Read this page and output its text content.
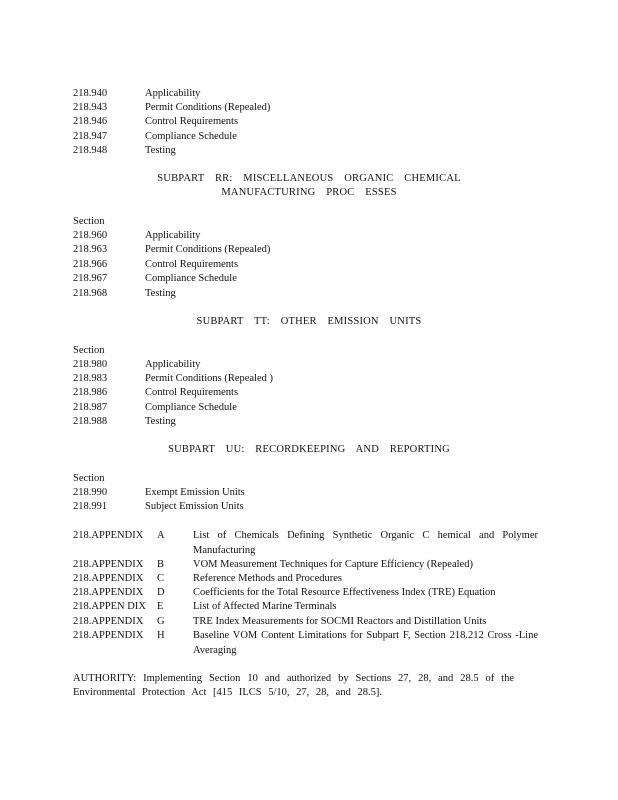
218.940	Applicability
218.943	Permit Conditions (Repealed)
218.946	Control Requirements
218.947	Compliance Schedule
218.948	Testing
SUBPART RR: MISCELLANEOUS ORGANIC CHEMICAL
MANUFACTURING PROC ESSES
Section
218.960	Applicability
218.963	Permit Conditions (Repealed)
218.966	Control Requirements
218.967	Compliance Schedule
218.968	Testing
SUBPART TT: OTHER EMISSION UNITS
Section
218.980	Applicability
218.983	Permit Conditions (Repealed )
218.986	Control Requirements
218.987	Compliance Schedule
218.988	Testing
SUBPART UU: RECORDKEEPING AND REPORTING
Section
218.990	Exempt Emission Units
218.991	Subject Emission Units
218.APPENDIX A	List of Chemicals Defining Synthetic Organic C hemical and Polymer Manufacturing
218.APPENDIX B	VOM Measurement Techniques for Capture Efficiency (Repealed)
218.APPENDIX C	Reference Methods and Procedures
218.APPENDIX D	Coefficients for the Total Resource Effectiveness Index (TRE) Equation
218.APPEN DIX E	List of Affected Marine Terminals
218.APPENDIX G	TRE Index Measurements for SOCMI Reactors and Distillation Units
218.APPENDIX H	Baseline VOM Content Limitations for Subpart F, Section 218.212 Cross -Line Averaging
AUTHORITY: Implementing Section 10 and authorized by Sections 27, 28, and 28.5 of the Environmental Protection Act [415 ILCS 5/10, 27, 28, and 28.5].
